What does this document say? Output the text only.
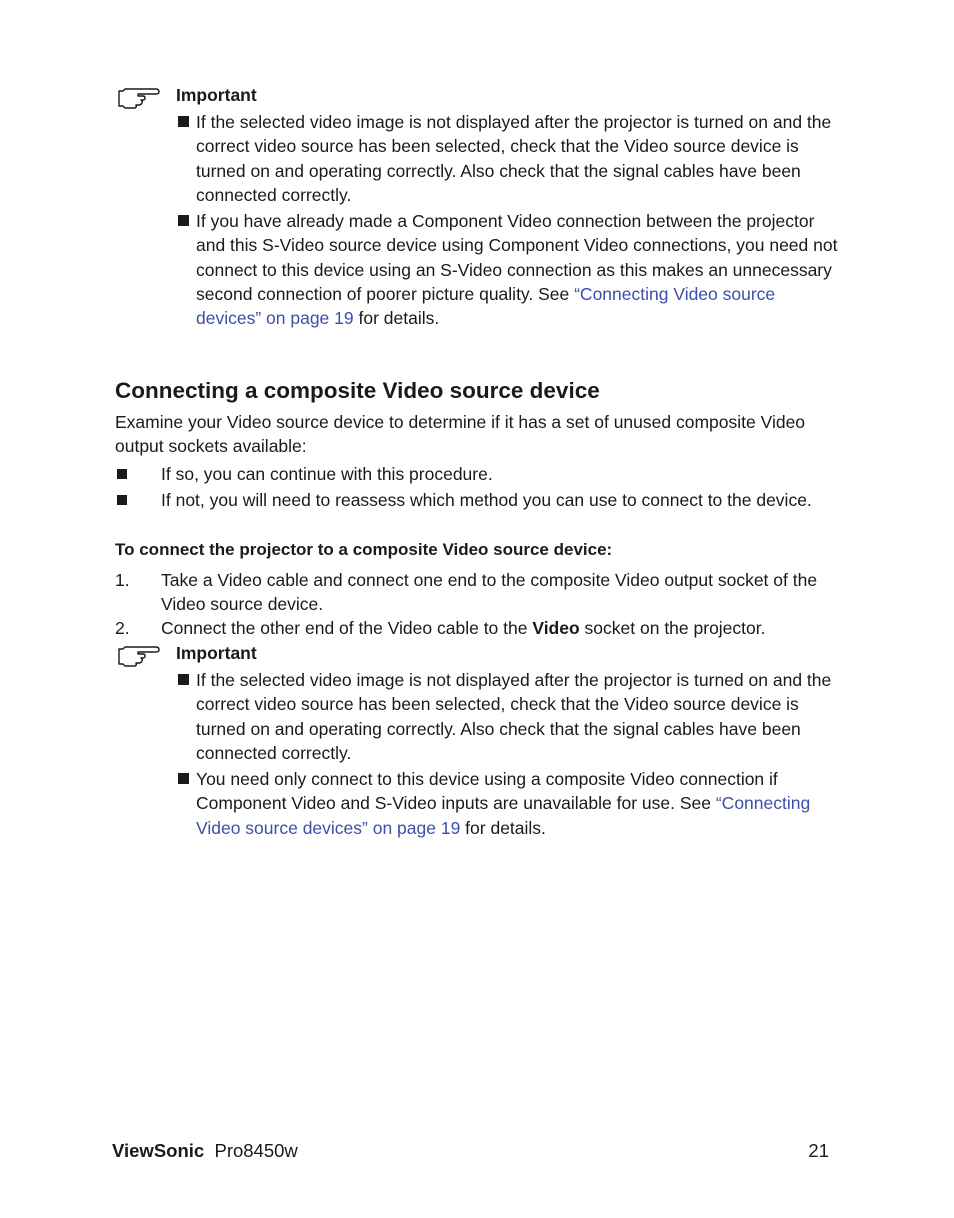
Important
If the selected video image is not displayed after the projector is turned on and the correct video source has been selected, check that the Video source device is turned on and operating correctly. Also check that the signal cables have been connected correctly.
If you have already made a Component Video connection between the projector and this S-Video source device using Component Video connections, you need not connect to this device using an S-Video connection as this makes an unnecessary second connection of poorer picture quality. See “Connecting Video source devices” on page 19 for details.
Connecting a composite Video source device
Examine your Video source device to determine if it has a set of unused composite Video output sockets available:
If so, you can continue with this procedure.
If not, you will need to reassess which method you can use to connect to the device.
To connect the projector to a composite Video source device:
1. Take a Video cable and connect one end to the composite Video output socket of the Video source device.
2. Connect the other end of the Video cable to the Video socket on the projector.
Important
If the selected video image is not displayed after the projector is turned on and the correct video source has been selected, check that the Video source device is turned on and operating correctly. Also check that the signal cables have been connected correctly.
You need only connect to this device using a composite Video connection if Component Video and S-Video inputs are unavailable for use. See “Connecting Video source devices” on page 19 for details.
ViewSonic Pro8450w	21
